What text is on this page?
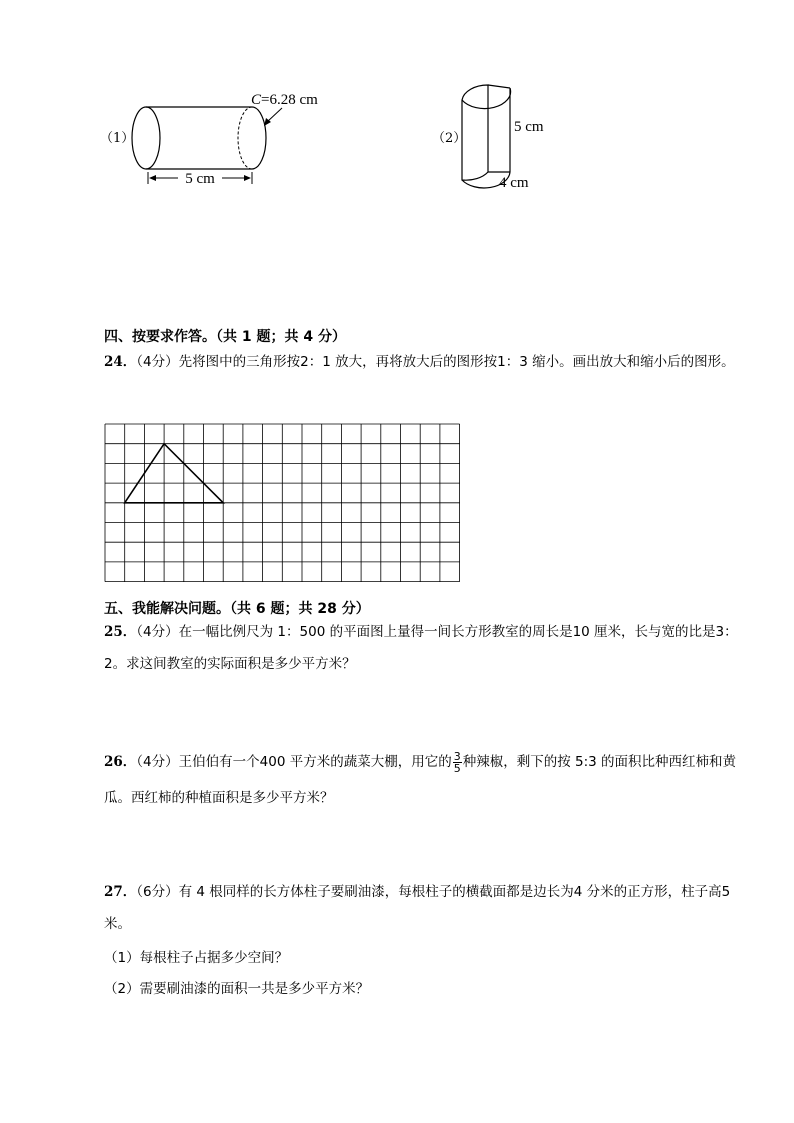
（1）
C=6.28 cm
5 cm
（2）
5 cm
4 cm
四、按要求作答。（共 1 题；共 4 分）
24．（4分）先将图中的三角形按2：1 放大，再将放大后的图形按1：3 缩小。画出放大和缩小后的图形。
五、我能解决问题。（共 6 题；共 28 分）
25．（4分）在一幅比例尺为 1：500 的平面图上量得一间长方形教室的周长是10 厘米，长与宽的比是3：2。求这间教室的实际面积是多少平方米？
26．（4分）王伯伯有一个400 平方米的蔬菜大棚，用它的 $\frac{3}{5}$ 种辣椒，剩下的按 5:3 的面积比种西红柿和黄瓜。西红柿的种植面积是多少平方米？
27．（6分）有 4 根同样的长方体柱子要刷油漆，每根柱子的横截面都是边长为4 分米的正方形，柱子高5 米。
（1）每根柱子占据多少空间？
（2）需要刷油漆的面积一共是多少平方米？
